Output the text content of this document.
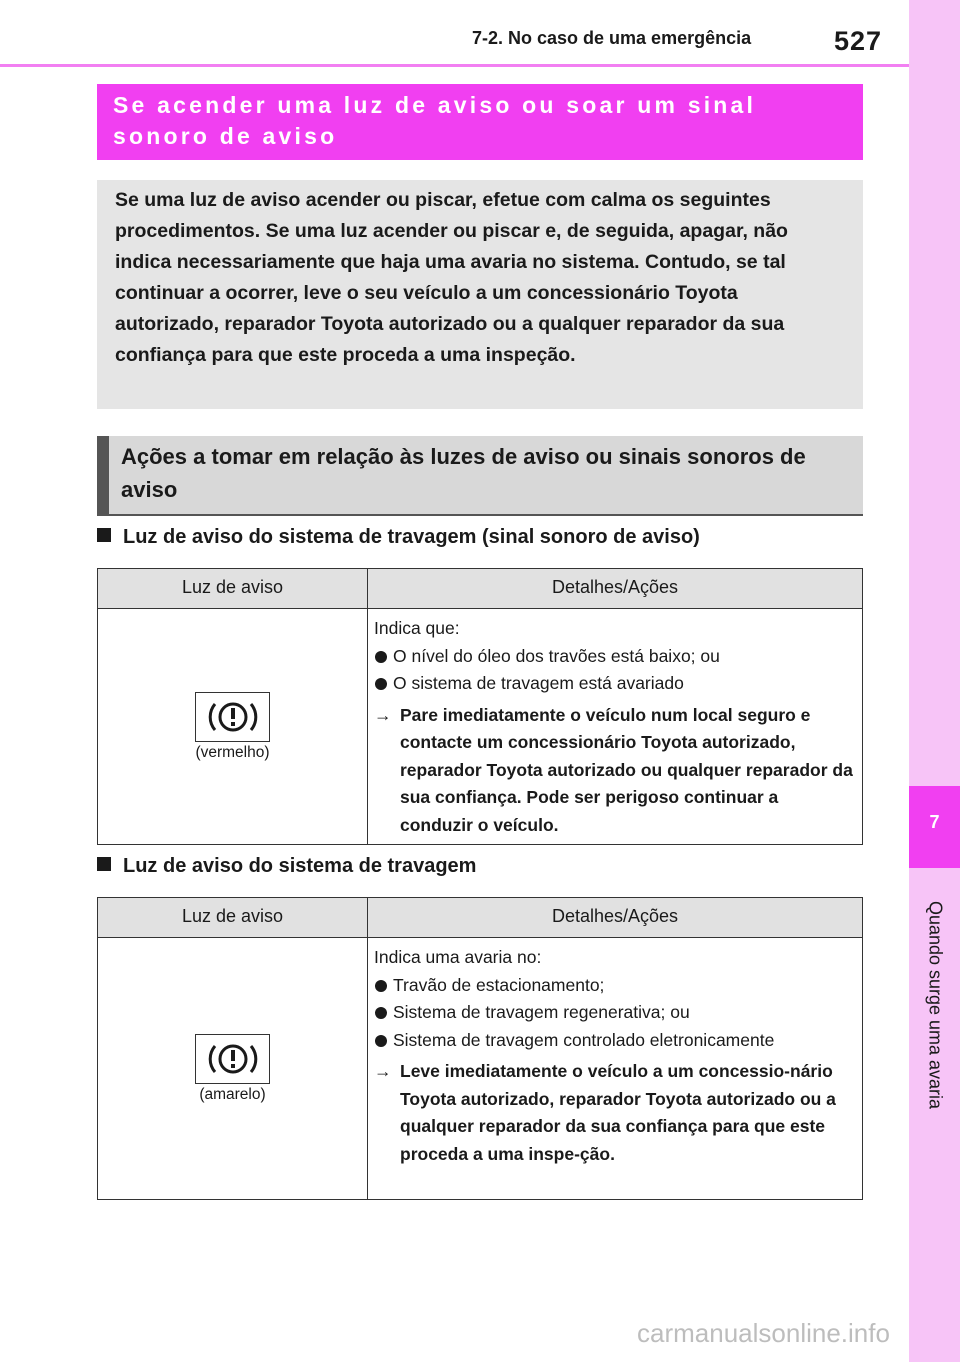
7-2. No caso de uma emergência	527
7
Quando surge uma avaria
Se acender uma luz de aviso ou soar um sinal sonoro de aviso

Se uma luz de aviso acender ou piscar, efetue com calma os seguintes procedimentos. Se uma luz acender ou piscar e, de seguida, apagar, não indica necessariamente que haja uma avaria no sistema. Contudo, se tal continuar a ocorrer, leve o seu veículo a um concessionário Toyota autorizado, reparador Toyota autorizado ou a qualquer reparador da sua confiança para que este proceda a uma inspeção.

Ações a tomar em relação às luzes de aviso ou sinais sonoros de aviso
Luz de aviso do sistema de travagem (sinal sonoro de aviso)
Luz de aviso	Detalhes/Ações
(vermelho)
Indica que:
O nível do óleo dos travões está baixo; ou
O sistema de travagem está avariado
→ Pare imediatamente o veículo num local seguro e contacte um concessionário Toyota autorizado, reparador Toyota autorizado ou qualquer reparador da sua confiança. Pode ser perigoso continuar a conduzir o veículo.
Luz de aviso do sistema de travagem
Luz de aviso	Detalhes/Ações
(amarelo)
Indica uma avaria no:
Travão de estacionamento;
Sistema de travagem regenerativa; ou
Sistema de travagem controlado eletronicamente
→ Leve imediatamente o veículo a um concessio-nário Toyota autorizado, reparador Toyota autorizado ou a qualquer reparador da sua confiança para que este proceda a uma inspe-ção.
carmanualsonline.info
